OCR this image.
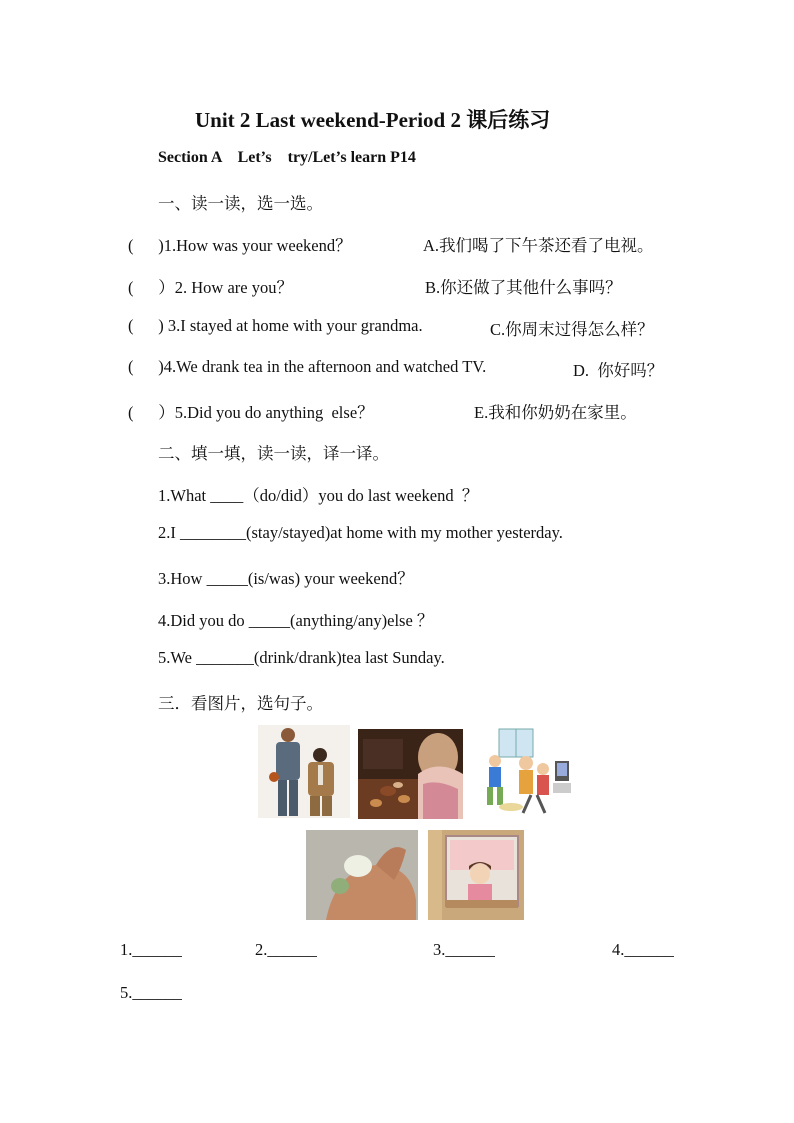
Unit 2 Last weekend-Period 2 课后练习
Section A    Let’s    try/Let’s learn P14
一、读一读，选一选。
(      )1.How was your weekend？	A.我们喝了下午茶还看了电视。
(      ）2. How are you？	B.你还做了其他什么事吗？
(      ) 3.I stayed at home with your grandma.	C.你周末过得怎么样？
(      )4.We drank tea in the afternoon and watched TV.	D.  你好吗？
(      ）5.Did you do anything  else？	E.我和你奶奶在家里。
二、填一填，读一读，译一译。
1.What ____（do/did）you do last weekend  ？
2.I ________(stay/stayed)at home with my mother yesterday.
3.How _____(is/was) your weekend？
4.Did you do _____(anything/any)else ？
5.We _______(drink/drank)tea last Sunday.
三．看图片，选句子。
1.______	2.______	3.______	4.______
5.______
